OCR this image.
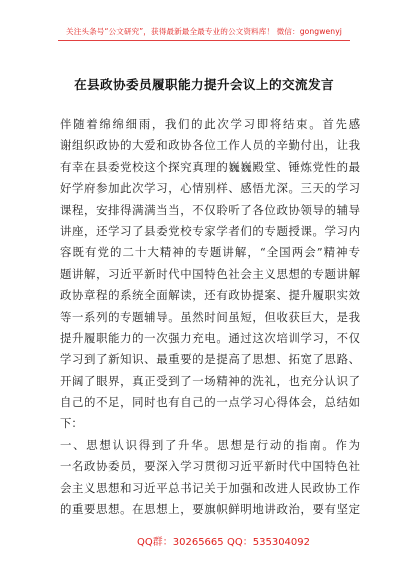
关注头条号“公文研究”，获得最新最全最专业的公文资料库！ 微信：gongwenyj
在县政协委员履职能力提升会议上的交流发言
伴随着绵绵细雨，我们的此次学习即将结束。首先感
谢组织政协的大爱和政协各位工作人员的辛勤付出，让我
有幸在县委党校这个探究真理的巍巍殿堂、锤炼党性的最
好学府参加此次学习，心情别样、感悟尤深。三天的学习
课程，安排得满满当当，不仅聆听了各位政协领导的辅导
讲座，还学习了县委党校专家学者们的专题授课。学习内
容既有党的二十大精神的专题讲解，“全国两会”精神专
题讲解，习近平新时代中国特色社会主义思想的专题讲解
政协章程的系统全面解读，还有政协提案、提升履职实效
等一系列的专题辅导。虽然时间虽短，但收获巨大，是我
提升履职能力的一次强力充电。通过这次培训学习，不仅
学习到了新知识、最重要的是提高了思想、拓宽了思路、
开阔了眼界，真正受到了一场精神的洗礼，也充分认识了
自己的不足，同时也有自己的一点学习心得体会，总结如
下：
一、思想认识得到了升华。思想是行动的指南。作为
一名政协委员，要深入学习贯彻习近平新时代中国特色社
会主义思想和习近平总书记关于加强和改进人民政协工作
的重要思想。在思想上，要旗帜鲜明地讲政治，要有坚定
QQ群：30265665 QQ：535304092
